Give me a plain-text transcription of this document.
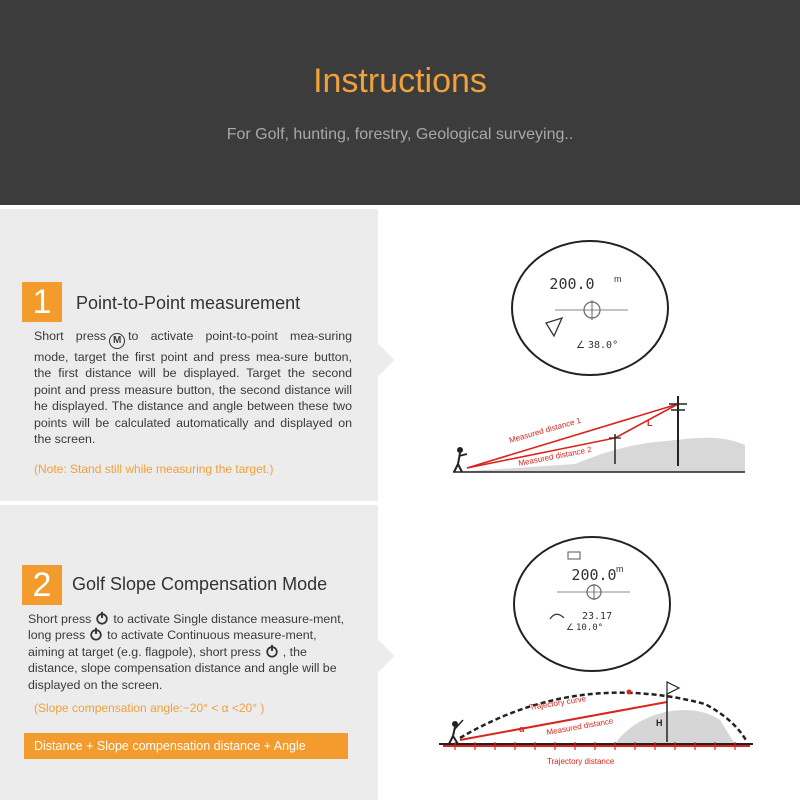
Instructions
For Golf, hunting, forestry, Geological surveying..
1	Point-to-Point measurement
Short press M to activate point-to-point mea-suring mode, target the first point and press mea-sure button, the first distance will be displayed. Target the second point and press measure button, the second distance will he displayed. The distance and angle between these two points will be calculated automatically and displayed on the screen.
(Note: Stand still while measuring the target.)
200.0 m
∠ 38.0°
Measured distance 1
Measured distance 2
L
2	Golf Slope Compensation Mode
Short press to activate Single distance measure-ment, long press to activate Continuous measure-ment, aiming at target (e.g. flagpole), short press , the distance, slope compensation distance and angle will be displayed on the screen.
(Slope compensation angle:−20° < α <20° )
Distance + Slope compensation distance + Angle
200.0 m
23.17
∠ 10.0°
H
α
Trajectory curve
Measured distance
Trajectory distance
